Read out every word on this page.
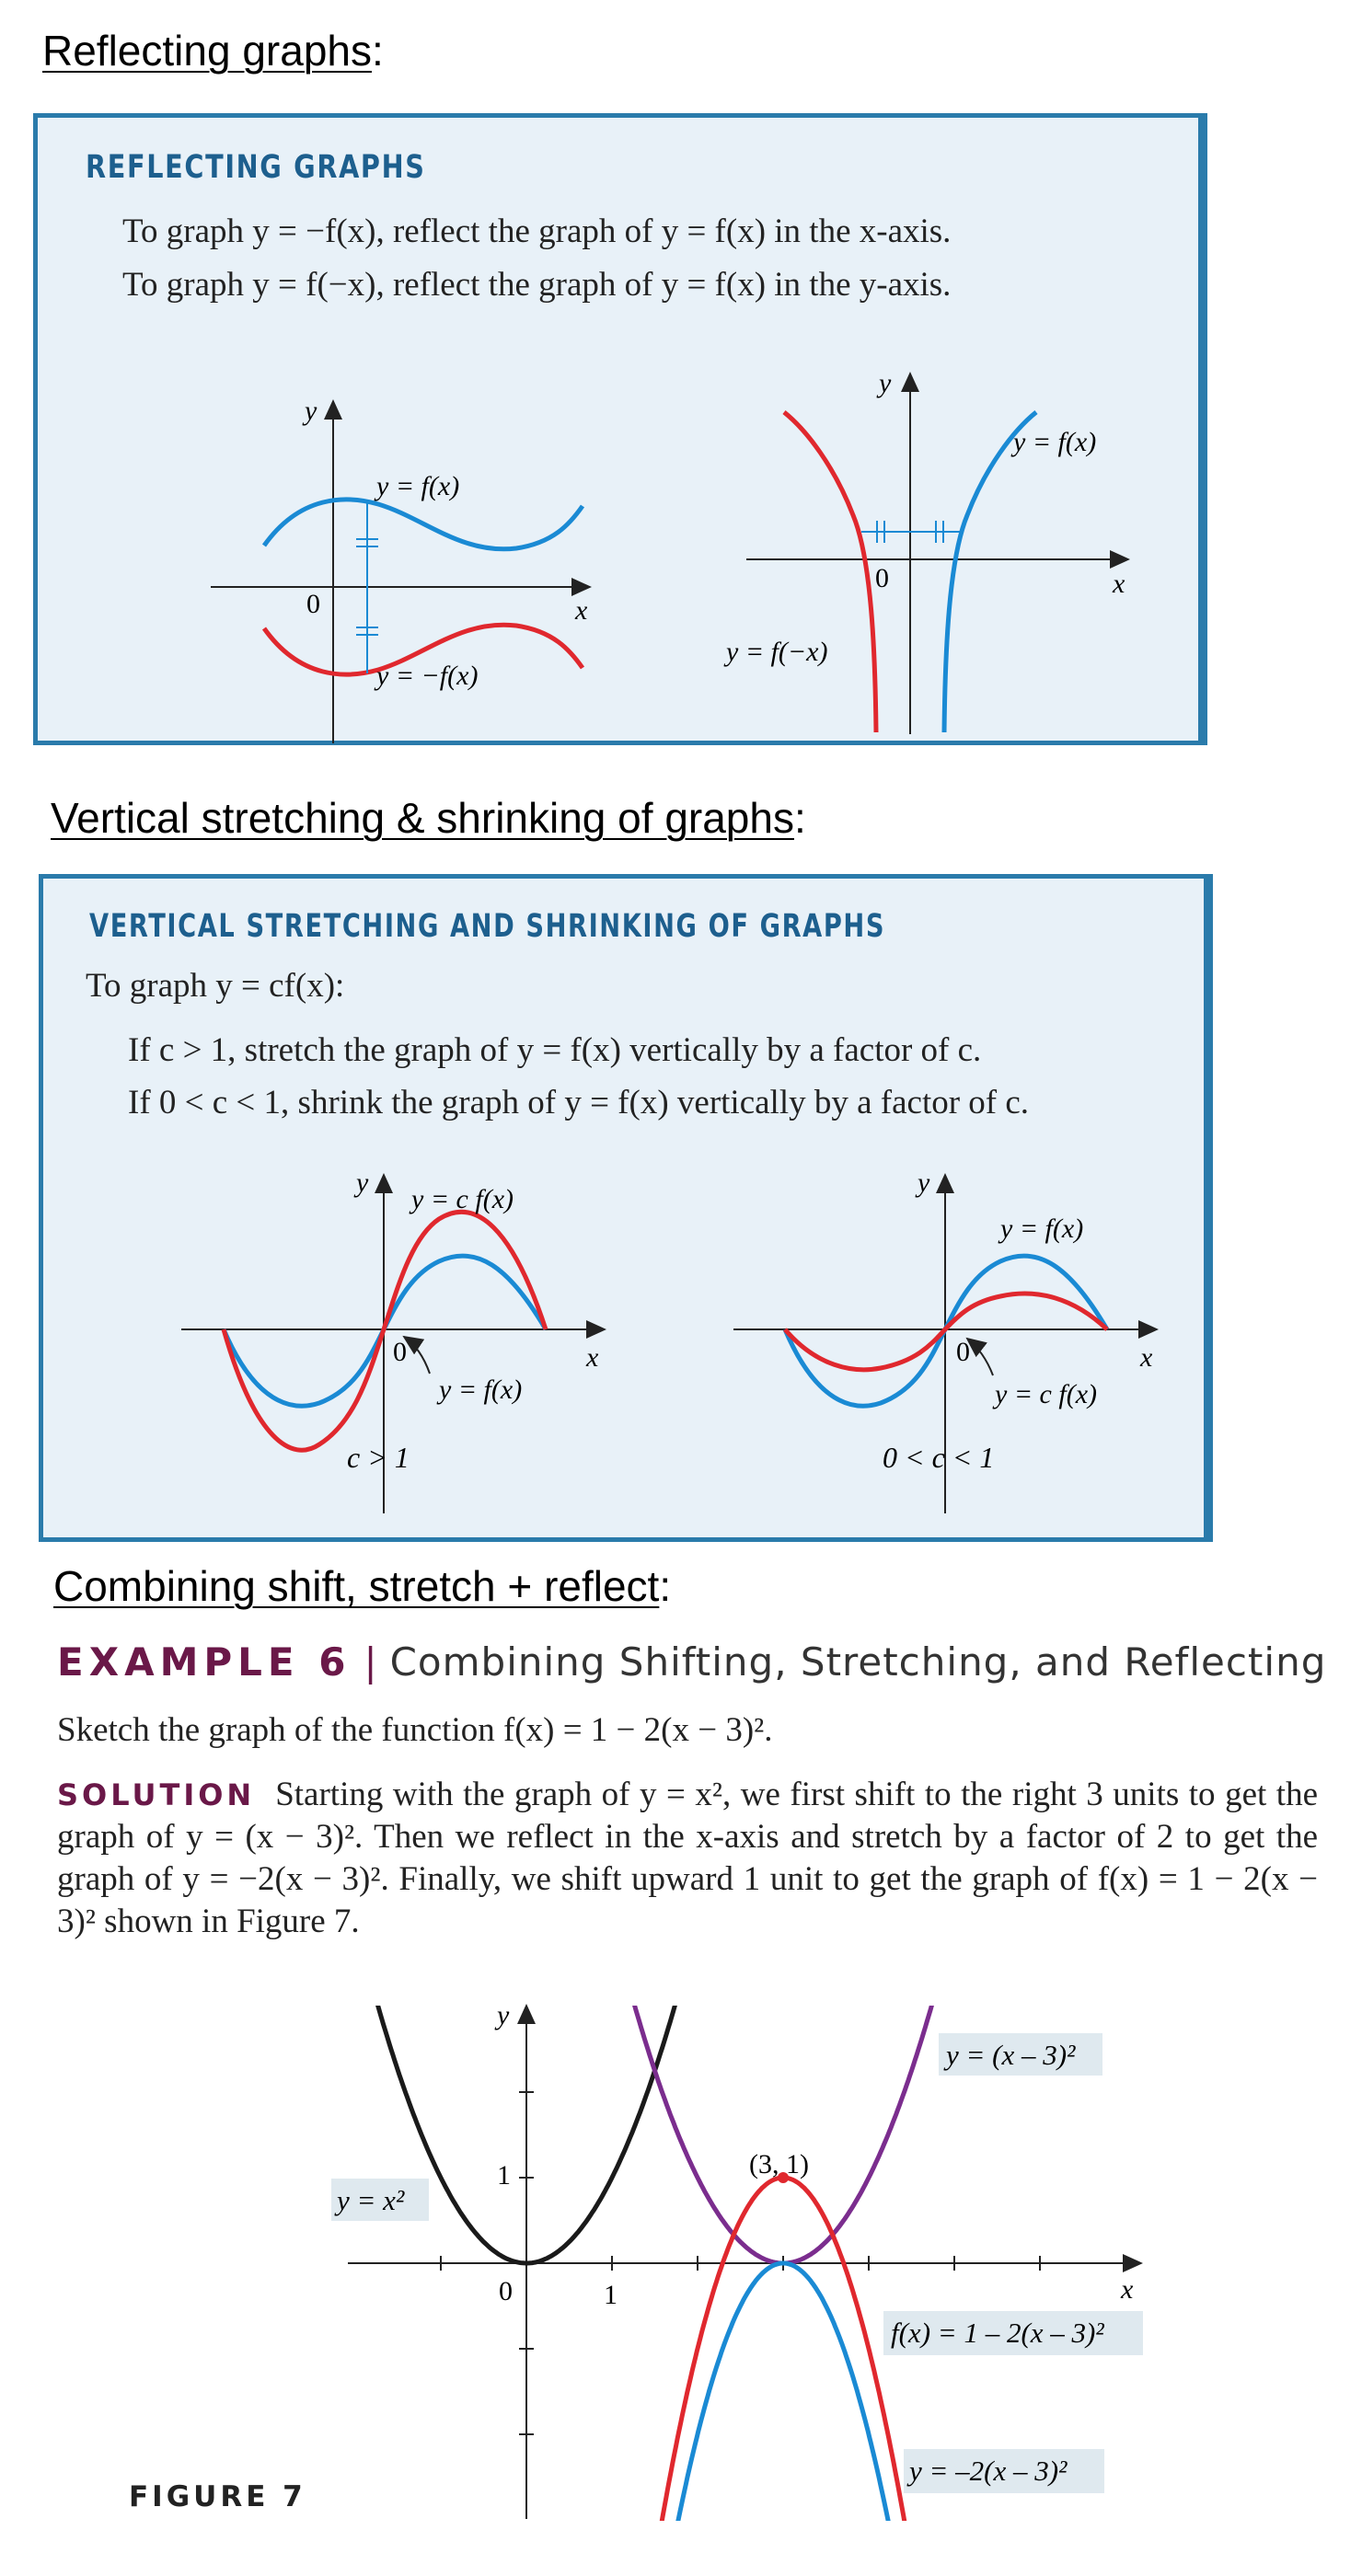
Reflecting graphs:
REFLECTING GRAPHS
To graph y = −f(x), reflect the graph of y = f(x) in the x-axis.
To graph y = f(−x), reflect the graph of y = f(x) in the y-axis.
y
x
0
y = f(x)
y = −f(x)
y
x
0
y = f(x)
y = f(−x)
Vertical stretching & shrinking of graphs:
VERTICAL STRETCHING AND SHRINKING OF GRAPHS
To graph y = cf(x):
If c > 1, stretch the graph of y = f(x) vertically by a factor of c.
If 0 < c < 1, shrink the graph of y = f(x) vertically by a factor of c.
y
x
0
y = c f(x)
y = f(x)
c > 1
y
x
0
y = f(x)
y = c f(x)
0 < c < 1
Combining shift, stretch + reflect:
EXAMPLE 6 | Combining Shifting, Stretching, and Reflecting
Sketch the graph of the function f(x) = 1 − 2(x − 3)².
SOLUTION Starting with the graph of y = x², we first shift to the right 3 units to get the graph of y = (x − 3)². Then we reflect in the x-axis and stretch by a factor of 2 to get the graph of y = −2(x − 3)². Finally, we shift upward 1 unit to get the graph of f(x) = 1 − 2(x − 3)² shown in Figure 7.
y
x
0	1
1	(3, 1)
y = x²
y = (x – 3)²
f(x) = 1 – 2(x – 3)²
y = –2(x – 3)²
FIGURE 7
